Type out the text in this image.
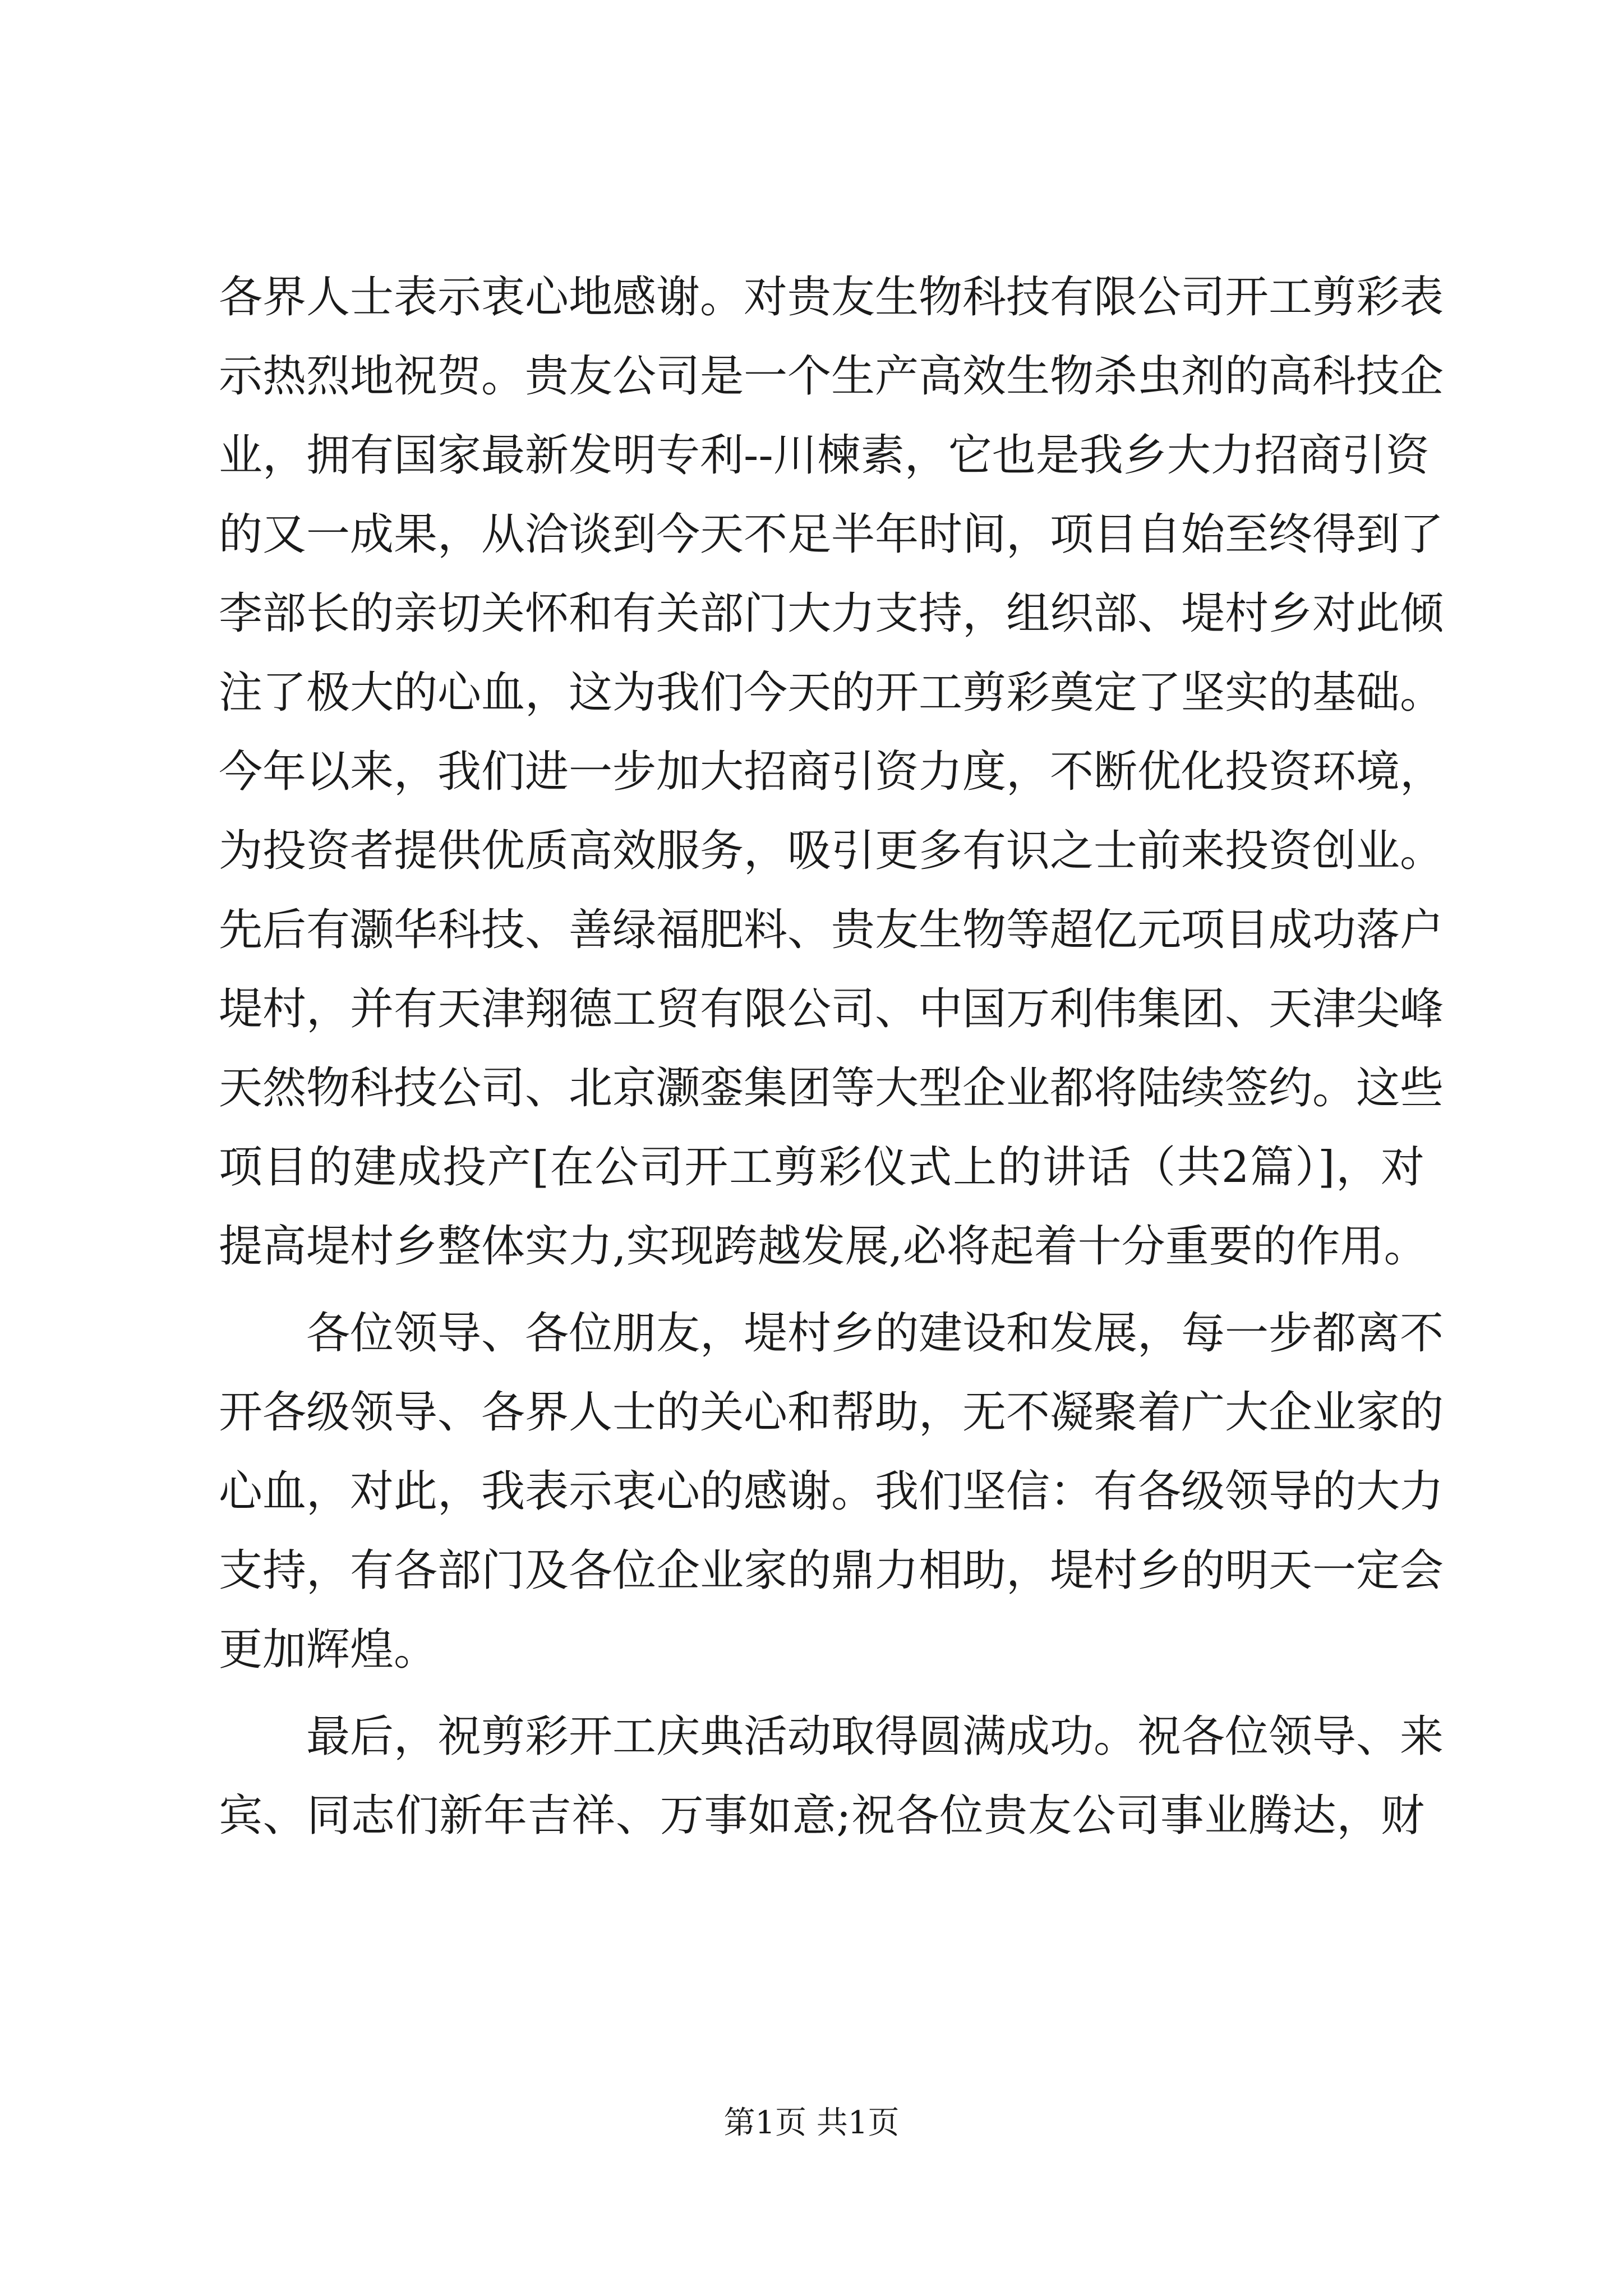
各界人士表示衷心地感谢。对贵友生物科技有限公司开工剪彩表
示热烈地祝贺。贵友公司是一个生产高效生物杀虫剂的高科技企
业，拥有国家最新发明专利--川楝素，它也是我乡大力招商引资
的又一成果，从洽谈到今天不足半年时间，项目自始至终得到了
李部长的亲切关怀和有关部门大力支持，组织部、堤村乡对此倾
注了极大的心血，这为我们今天的开工剪彩奠定了坚实的基础。
今年以来，我们进一步加大招商引资力度，不断优化投资环境，
为投资者提供优质高效服务，吸引更多有识之士前来投资创业。
先后有灏华科技、善绿福肥料、贵友生物等超亿元项目成功落户
堤村，并有天津翔德工贸有限公司、中国万利伟集团、天津尖峰
天然物科技公司、北京灏銮集团等大型企业都将陆续签约。这些
项目的建成投产[在公司开工剪彩仪式上的讲话（共2篇）]，对
提高堤村乡整体实力,实现跨越发展,必将起着十分重要的作用。
各位领导、各位朋友，堤村乡的建设和发展，每一步都离不
开各级领导、各界人士的关心和帮助，无不凝聚着广大企业家的
心血，对此，我表示衷心的感谢。我们坚信：有各级领导的大力
支持，有各部门及各位企业家的鼎力相助，堤村乡的明天一定会
更加辉煌。
最后，祝剪彩开工庆典活动取得圆满成功。祝各位领导、来
宾、同志们新年吉祥、万事如意;祝各位贵友公司事业腾达，财
第1页 共1页
